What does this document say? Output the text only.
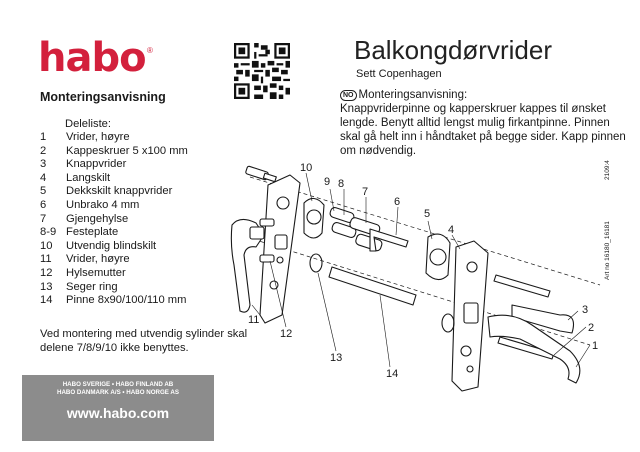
habo ®
Monteringsanvisning
Balkongdørvrider
Sett Copenhagen
NO Monteringsanvisning:
Knappvriderpinne og kapperskruer kappes til ønsket lengde. Benytt alltid lengst mulig firkantpinne. Pinnen skal gå helt inn i håndtaket på begge sider. Kapp pinnen om nødvendig.
Deleliste:
1	Vrider, høyre
2	Kappeskruer 5 x100 mm
3	Knappvrider
4	Langskilt
5	Dekkskilt knappvrider
6	Unbrako 4 mm
7	Gjengehylse
8-9 Festeplate
10	Utvendig blindskilt
11	Vrider, høyre
12	Hylsemutter
13	Seger ring
14	Pinne 8x90/100/110 mm
Ved montering med utvendig sylinder skal delene 7/8/9/10 ikke benyttes.
HABO SVERIGE • HABO FINLAND AB
HABO DANMARK A/S • HABO NORGE AS
www.habo.com
2109:4
Art no 16180_16181
10
9 8
7
6
5
4
3
2
1
11
12
13
14
